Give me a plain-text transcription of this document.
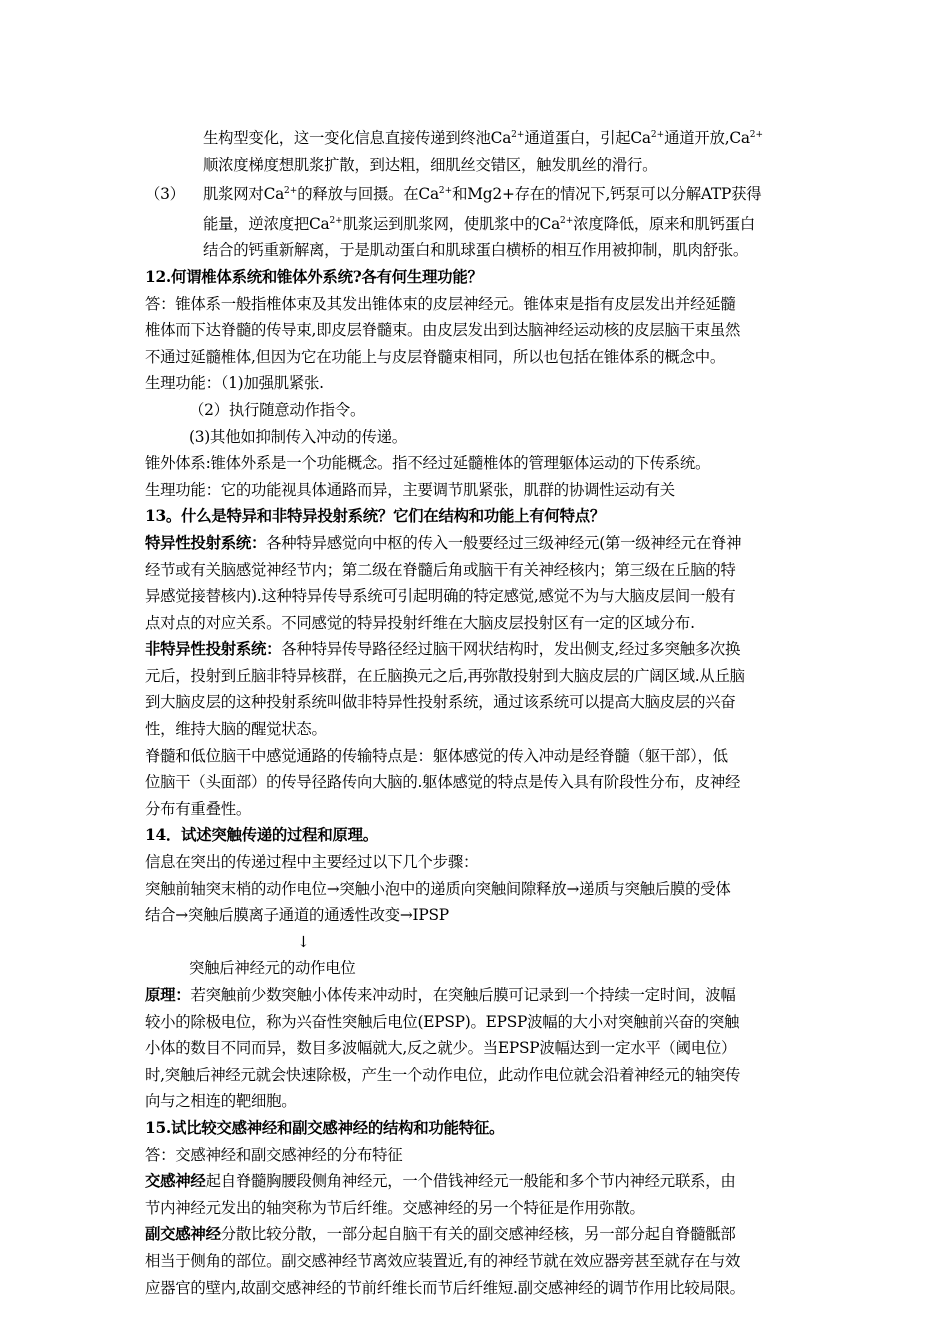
生构型变化，这一变化信息直接传递到终池$Ca^{2+}$通道蛋白，引起$Ca^{2+}$通道开放$,Ca^{2+}$
顺浓度梯度想肌浆扩散，到达粗，细肌丝交错区，触发肌丝的滑行。
（3） 肌浆网对$Ca^{2+}$的释放与回摄。在$Ca^{2+}$和Mg2+存在的情况下,钙泵可以分解ATP获得
能量，逆浓度把$Ca^{2+}$肌浆运到肌浆网，使肌浆中的$Ca^{2+}$浓度降低，原来和肌钙蛋白
结合的钙重新解离，于是肌动蛋白和肌球蛋白横桥的相互作用被抑制，肌肉舒张。
12.何谓椎体系统和锥体外系统?各有何生理功能？
答：锥体系一般指椎体束及其发出锥体束的皮层神经元。锥体束是指有皮层发出并经延髓
椎体而下达脊髓的传导束,即皮层脊髓束。由皮层发出到达脑神经运动核的皮层脑干束虽然
不通过延髓椎体,但因为它在功能上与皮层脊髓束相同，所以也包括在锥体系的概念中。
生理功能：（1)加强肌紧张.
（2）执行随意动作指令。
(3)其他如抑制传入冲动的传递。
锥外体系:锥体外系是一个功能概念。指不经过延髓椎体的管理躯体运动的下传系统。
生理功能：它的功能视具体通路而异，主要调节肌紧张，肌群的协调性运动有关
13。什么是特异和非特异投射系统？它们在结构和功能上有何特点？
特异性投射系统：各种特异感觉向中枢的传入一般要经过三级神经元(第一级神经元在脊神
经节或有关脑感觉神经节内；第二级在脊髓后角或脑干有关神经核内；第三级在丘脑的特
异感觉接替核内).这种特异传导系统可引起明确的特定感觉,感觉不为与大脑皮层间一般有
点对点的对应关系。不同感觉的特异投射纤维在大脑皮层投射区有一定的区域分布.
非特异性投射系统：各种特异传导路径经过脑干网状结构时，发出侧支,经过多突触多次换
元后，投射到丘脑非特异核群，在丘脑换元之后,再弥散投射到大脑皮层的广阔区域.从丘脑
到大脑皮层的这种投射系统叫做非特异性投射系统，通过该系统可以提高大脑皮层的兴奋
性，维持大脑的醒觉状态。
脊髓和低位脑干中感觉通路的传输特点是：躯体感觉的传入冲动是经脊髓（躯干部），低
位脑干（头面部）的传导径路传向大脑的.躯体感觉的特点是传入具有阶段性分布，皮神经
分布有重叠性。
14．试述突触传递的过程和原理。
信息在突出的传递过程中主要经过以下几个步骤：
突触前轴突末梢的动作电位→突触小泡中的递质向突触间隙释放→递质与突触后膜的受体
结合→突触后膜离子通道的通透性改变→IPSP
↓
突触后神经元的动作电位
原理：若突触前少数突触小体传来冲动时，在突触后膜可记录到一个持续一定时间，波幅
较小的除极电位，称为兴奋性突触后电位(EPSP)。EPSP波幅的大小对突触前兴奋的突触
小体的数目不同而异，数目多波幅就大,反之就少。当EPSP波幅达到一定水平（阈电位）
时,突触后神经元就会快速除极，产生一个动作电位，此动作电位就会沿着神经元的轴突传
向与之相连的靶细胞。
15.试比较交感神经和副交感神经的结构和功能特征。
答：交感神经和副交感神经的分布特征
交感神经起自脊髓胸腰段侧角神经元，一个借钱神经元一般能和多个节内神经元联系，由
节内神经元发出的轴突称为节后纤维。交感神经的另一个特征是作用弥散。
副交感神经分散比较分散，一部分起自脑干有关的副交感神经核，另一部分起自脊髓骶部
相当于侧角的部位。副交感神经节离效应装置近,有的神经节就在效应器旁甚至就存在与效
应器官的壁内,故副交感神经的节前纤维长而节后纤维短.副交感神经的调节作用比较局限。
